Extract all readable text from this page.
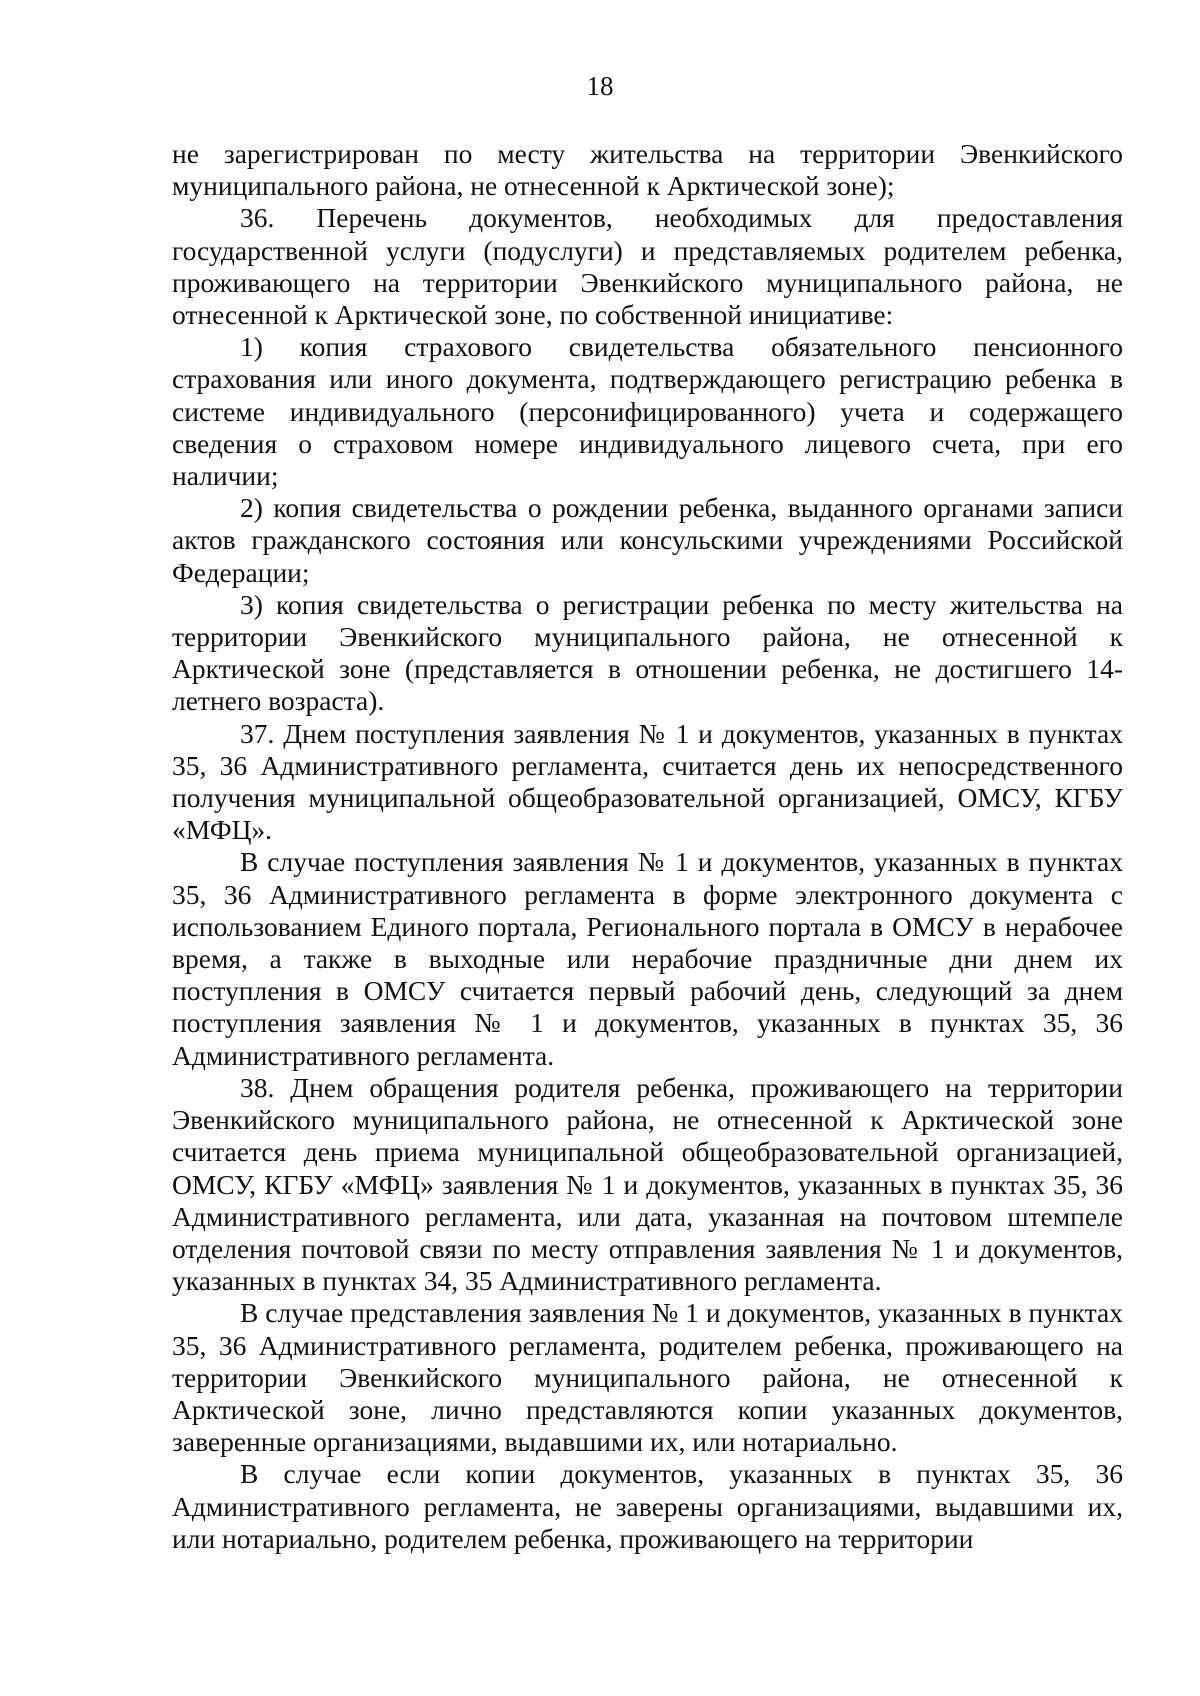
18

не зарегистрирован по месту жительства на территории Эвенкийского муниципального района, не отнесенной к Арктической зоне);

36. Перечень документов, необходимых для предоставления государственной услуги (подуслуги) и представляемых родителем ребенка, проживающего на территории Эвенкийского муниципального района, не отнесенной к Арктической зоне, по собственной инициативе:

1) копия страхового свидетельства обязательного пенсионного страхования или иного документа, подтверждающего регистрацию ребенка в системе индивидуального (персонифицированного) учета и содержащего сведения о страховом номере индивидуального лицевого счета, при его наличии;

2) копия свидетельства о рождении ребенка, выданного органами записи актов гражданского состояния или консульскими учреждениями Российской Федерации;

3) копия свидетельства о регистрации ребенка по месту жительства на территории Эвенкийского муниципального района, не отнесенной к Арктической зоне (представляется в отношении ребенка, не достигшего 14-летнего возраста).

37. Днем поступления заявления № 1 и документов, указанных в пунктах 35, 36 Административного регламента, считается день их непосредственного получения муниципальной общеобразовательной организацией, ОМСУ, КГБУ «МФЦ».

В случае поступления заявления № 1 и документов, указанных в пунктах 35, 36 Административного регламента в форме электронного документа с использованием Единого портала, Регионального портала в ОМСУ в нерабочее время, а также в выходные или нерабочие праздничные дни днем их поступления в ОМСУ считается первый рабочий день, следующий за днем поступления заявления № 1 и документов, указанных в пунктах 35, 36 Административного регламента.

38. Днем обращения родителя ребенка, проживающего на территории Эвенкийского муниципального района, не отнесенной к Арктической зоне считается день приема муниципальной общеобразовательной организацией, ОМСУ, КГБУ «МФЦ» заявления № 1 и документов, указанных в пунктах 35, 36 Административного регламента, или дата, указанная на почтовом штемпеле отделения почтовой связи по месту отправления заявления № 1 и документов, указанных в пунктах 34, 35 Административного регламента.

В случае представления заявления № 1 и документов, указанных в пунктах 35, 36 Административного регламента, родителем ребенка, проживающего на территории Эвенкийского муниципального района, не отнесенной к Арктической зоне, лично представляются копии указанных документов, заверенные организациями, выдавшими их, или нотариально.

В случае если копии документов, указанных в пунктах 35, 36 Административного регламента, не заверены организациями, выдавшими их, или нотариально, родителем ребенка, проживающего на территории
